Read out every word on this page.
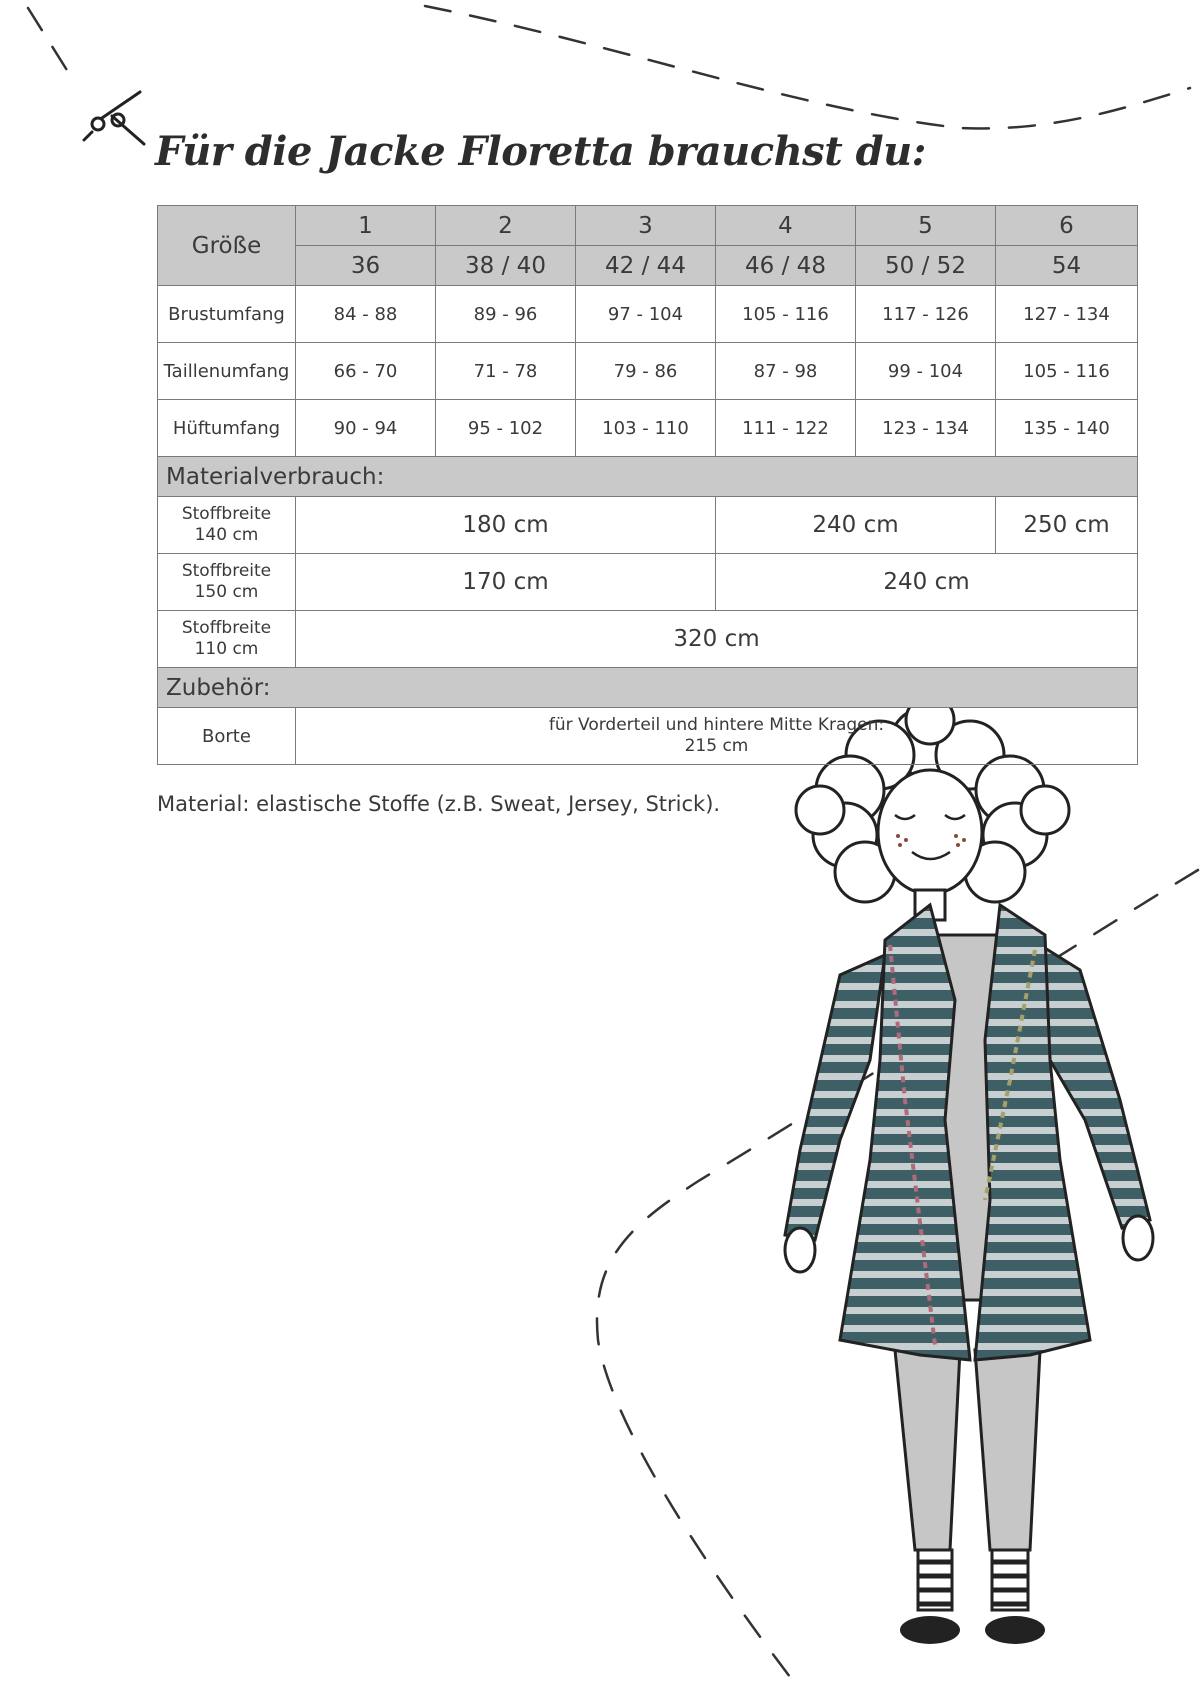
Für die Jacke Floretta brauchst du:
Größe	1	2	3	4	5	6
	36	38 / 40	42 / 44	46 / 48	50 / 52	54
Brustumfang	84 - 88	89 - 96	97 - 104	105 - 116	117 - 126	127 - 134
Taillenumfang	66 - 70	71 - 78	79 - 86	87 - 98	99 - 104	105 - 116
Hüftumfang	90 - 94	95 - 102	103 - 110	111 - 122	123 - 134	135 - 140
Materialverbrauch:						

Stoffbreite
140 cm	180 cm			240 cm		250 cm

Stoffbreite
150 cm	170 cm			240 cm		

Stoffbreite
110 cm	320 cm					
Zubehör:						
Borte	für Vorderteil und hintere Mitte Kragen:
215 cm					

Material: elastische Stoffe (z.B. Sweat, Jersey, Strick).
